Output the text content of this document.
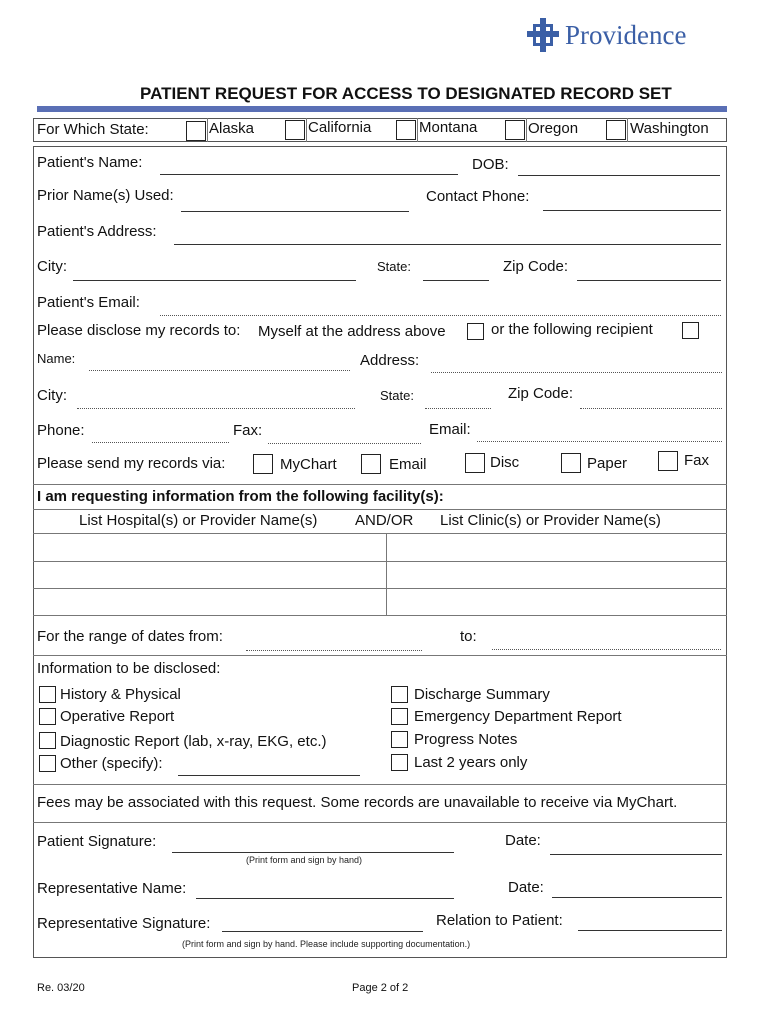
Providence
PATIENT REQUEST FOR ACCESS TO DESIGNATED RECORD SET
For Which State:	Alaska	California	Montana	Oregon	Washington
Patient's Name:	DOB:
Prior Name(s) Used:	Contact Phone:
Patient's Address:
City:	State:	Zip Code:
Patient's Email:
Please disclose my records to: Myself at the address above	or the following recipient
Name:	Address:
City:	State:	Zip Code:
Phone:	Fax:	Email:
Please send my records via:	MyChart	Email	Disc	Paper	Fax
I am requesting information from the following facility(s):
List Hospital(s) or Provider Name(s)	AND/OR List Clinic(s) or Provider Name(s)
For the range of dates from:	to:
Information to be disclosed:
History & Physical
Operative Report
Diagnostic Report (lab, x-ray, EKG, etc.)
Other (specify):
Discharge Summary
Emergency Department Report
Progress Notes
Last 2 years only
Fees may be associated with this request. Some records are unavailable to receive via MyChart.
Patient Signature:	Date:
(Print form and sign by hand)
Representative Name:	Date:
Representative Signature:	Relation to Patient:
(Print form and sign by hand. Please include supporting documentation.)
Re. 03/20	Page 2 of 2
